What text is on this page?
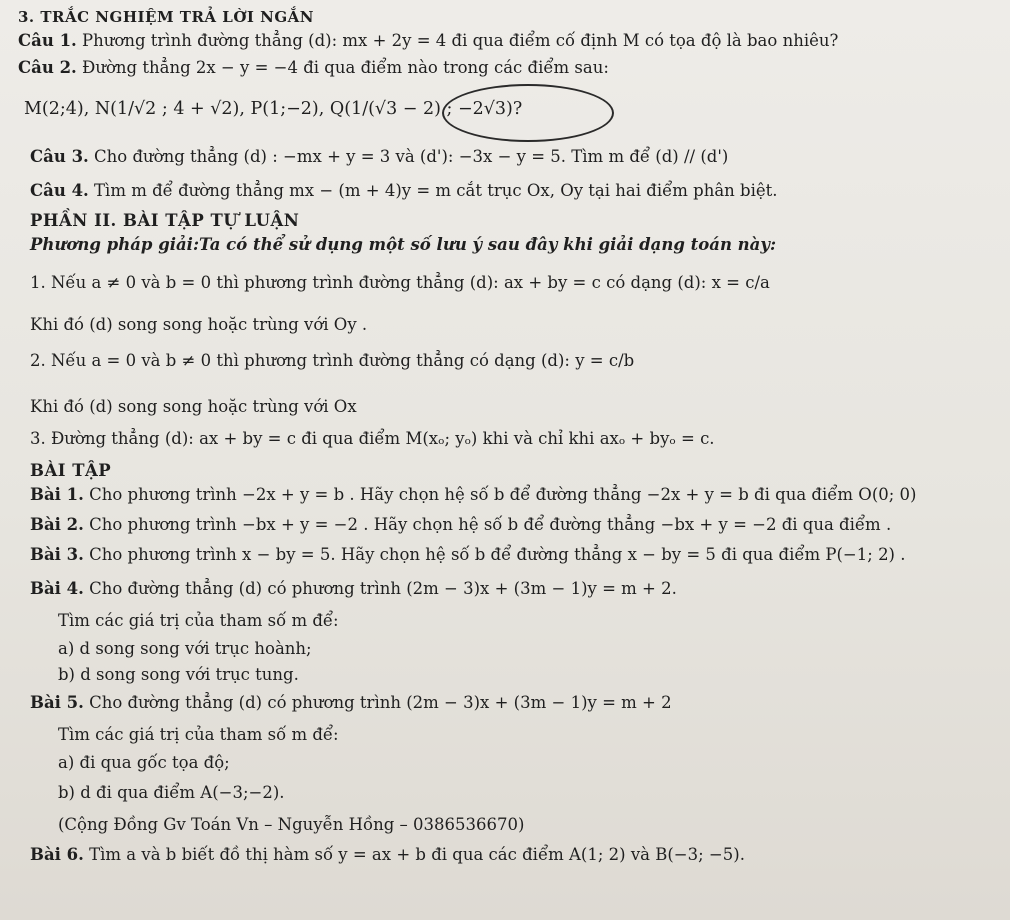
3. TRẮC NGHIỆM TRẢ LỜI NGẮN
Câu 1. Phương trình đường thẳng (d): mx + 2y = 4 đi qua điểm cố định M có tọa độ là bao nhiêu?
Câu 2. Đường thẳng 2x − y = −4 đi qua điểm nào trong các điểm sau:
M(2;4), N(1/√2 ; 4 + √2), P(1;−2), Q(1/(√3 − 2) ; −2√3)?
Câu 3. Cho đường thẳng (d) : −mx + y = 3 và (d'): −3x − y = 5. Tìm m để (d) // (d')
Câu 4. Tìm m để đường thẳng mx − (m + 4)y = m cắt trục Ox, Oy tại hai điểm phân biệt.
PHẦN II. BÀI TẬP TỰ LUẬN
Phương pháp giải:Ta có thể sử dụng một số lưu ý sau đây khi giải dạng toán này:
1. Nếu a ≠ 0 và b = 0 thì phương trình đường thẳng (d): ax + by = c có dạng (d): x = c/a
Khi đó (d) song song hoặc trùng với Oy .
2. Nếu a = 0 và b ≠ 0 thì phương trình đường thẳng có dạng (d): y = c/b
Khi đó (d) song song hoặc trùng với Ox
3. Đường thẳng (d): ax + by = c đi qua điểm M(xₒ; yₒ) khi và chỉ khi axₒ + byₒ = c.
BÀI TẬP
Bài 1. Cho phương trình −2x + y = b . Hãy chọn hệ số b để đường thẳng −2x + y = b đi qua điểm O(0; 0)
Bài 2. Cho phương trình −bx + y = −2 . Hãy chọn hệ số b để đường thẳng −bx + y = −2 đi qua điểm .
Bài 3. Cho phương trình x − by = 5. Hãy chọn hệ số b để đường thẳng x − by = 5 đi qua điểm P(−1; 2) .
Bài 4. Cho đường thẳng (d) có phương trình (2m − 3)x + (3m − 1)y = m + 2.
Tìm các giá trị của tham số m để:
a) d song song với trục hoành;
b) d song song với trục tung.
Bài 5. Cho đường thẳng (d) có phương trình (2m − 3)x + (3m − 1)y = m + 2
Tìm các giá trị của tham số m để:
a) đi qua gốc tọa độ;
b) d đi qua điểm A(−3;−2).
(Cộng Đồng Gv Toán Vn – Nguyễn Hồng – 0386536670)
Bài 6. Tìm a và b biết đồ thị hàm số y = ax + b đi qua các điểm A(1; 2) và B(−3; −5).
